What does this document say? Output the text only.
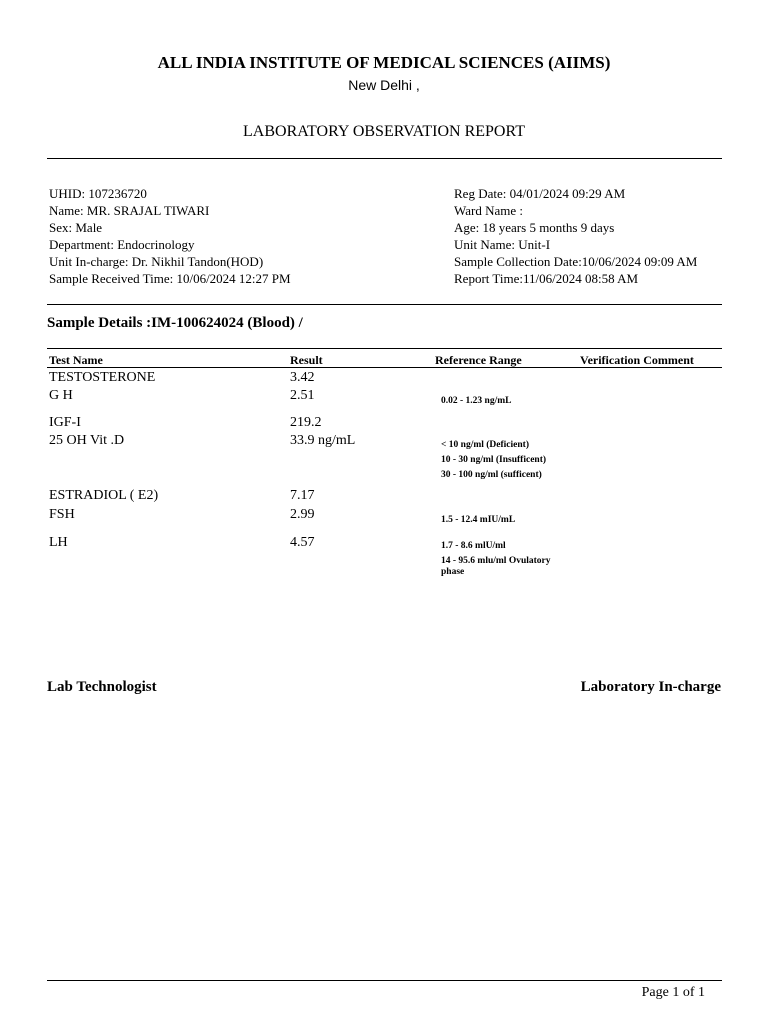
ALL INDIA INSTITUTE OF MEDICAL SCIENCES (AIIMS)
New Delhi ,
LABORATORY OBSERVATION REPORT
UHID: 107236720
Name: MR. SRAJAL TIWARI
Sex: Male
Department: Endocrinology
Unit In-charge: Dr. Nikhil Tandon(HOD)
Sample Received Time: 10/06/2024 12:27 PM
Reg Date: 04/01/2024 09:29 AM
Ward Name :
Age: 18 years 5 months 9 days
Unit Name: Unit-I
Sample Collection Date:10/06/2024 09:09 AM
Report Time:11/06/2024 08:58 AM
Sample Details :IM-100624024 (Blood) /
Test Name	Result	Reference Range	Verification Comment
TESTOSTERONE	3.42
G H	2.51	0.02 - 1.23 ng/mL
IGF-I	219.2
25 OH Vit .D	33.9 ng/mL	< 10 ng/ml (Deficient)
10 - 30 ng/ml (Insufficent)
30 - 100 ng/ml (sufficent)
ESTRADIOL ( E2)	7.17
FSH	2.99	1.5 - 12.4 mIU/mL
LH	4.57	1.7 - 8.6 mlU/ml
14 - 95.6 mlu/ml Ovulatory
phase
Lab Technologist	Laboratory In-charge
Page 1 of 1
